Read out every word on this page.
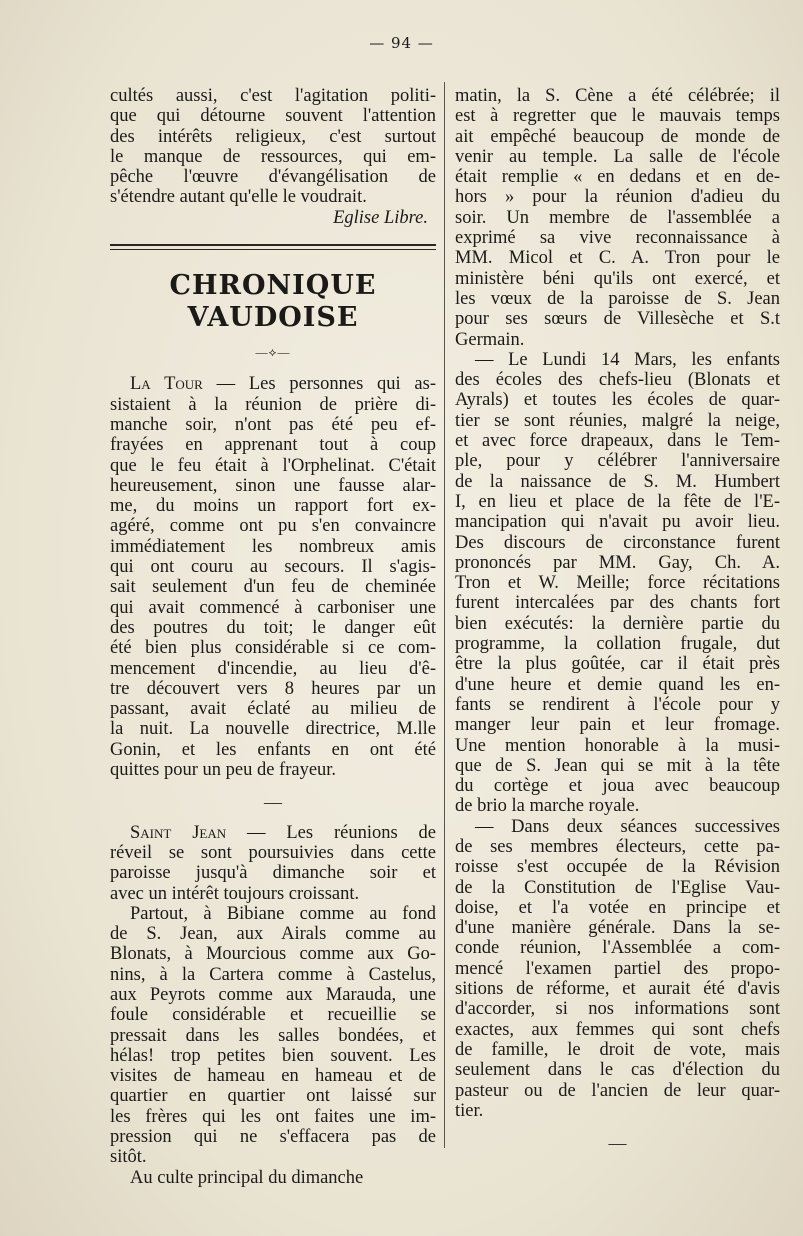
— 94 —
cultés aussi, c'est l'agitation politi-
que qui détourne souvent l'attention
des intérêts religieux, c'est surtout
le manque de ressources, qui em-
pêche l'œuvre d'évangélisation de
s'étendre autant qu'elle le voudrait.
Eglise Libre.
CHRONIQUE VAUDOISE
—⟡—
La Tour — Les personnes qui as-
sistaient à la réunion de prière di-
manche soir, n'ont pas été peu ef-
frayées en apprenant tout à coup
que le feu était à l'Orphelinat. C'était
heureusement, sinon une fausse alar-
me, du moins un rapport fort ex-
agéré, comme ont pu s'en convaincre
immédiatement les nombreux amis
qui ont couru au secours. Il s'agis-
sait seulement d'un feu de cheminée
qui avait commencé à carboniser une
des poutres du toit; le danger eût
été bien plus considérable si ce com-
mencement d'incendie, au lieu d'ê-
tre découvert vers 8 heures par un
passant, avait éclaté au milieu de
la nuit. La nouvelle directrice, M.lle
Gonin, et les enfants en ont été
quittes pour un peu de frayeur.
—
Saint Jean — Les réunions de
réveil se sont poursuivies dans cette
paroisse jusqu'à dimanche soir et
avec un intérêt toujours croissant.
Partout, à Bibiane comme au fond
de S. Jean, aux Airals comme au
Blonats, à Mourcious comme aux Go-
nins, à la Cartera comme à Castelus,
aux Peyrots comme aux Marauda, une
foule considérable et recueillie se
pressait dans les salles bondées, et
hélas! trop petites bien souvent. Les
visites de hameau en hameau et de
quartier en quartier ont laissé sur
les frères qui les ont faites une im-
pression qui ne s'effacera pas de
sitôt.
Au culte principal du dimanche
matin, la S. Cène a été célébrée; il
est à regretter que le mauvais temps
ait empêché beaucoup de monde de
venir au temple. La salle de l'école
était remplie « en dedans et en de-
hors » pour la réunion d'adieu du
soir. Un membre de l'assemblée a
exprimé sa vive reconnaissance à
MM. Micol et C. A. Tron pour le
ministère béni qu'ils ont exercé, et
les vœux de la paroisse de S. Jean
pour ses sœurs de Villesèche et S.t
Germain.
— Le Lundi 14 Mars, les enfants
des écoles des chefs-lieu (Blonats et
Ayrals) et toutes les écoles de quar-
tier se sont réunies, malgré la neige,
et avec force drapeaux, dans le Tem-
ple, pour y célébrer l'anniversaire
de la naissance de S. M. Humbert
I, en lieu et place de la fête de l'E-
mancipation qui n'avait pu avoir lieu.
Des discours de circonstance furent
prononcés par MM. Gay, Ch. A.
Tron et W. Meille; force récitations
furent intercalées par des chants fort
bien exécutés: la dernière partie du
programme, la collation frugale, dut
être la plus goûtée, car il était près
d'une heure et demie quand les en-
fants se rendirent à l'école pour y
manger leur pain et leur fromage.
Une mention honorable à la musi-
que de S. Jean qui se mit à la tête
du cortège et joua avec beaucoup
de brio la marche royale.
— Dans deux séances successives
de ses membres électeurs, cette pa-
roisse s'est occupée de la Révision
de la Constitution de l'Eglise Vau-
doise, et l'a votée en principe et
d'une manière générale. Dans la se-
conde réunion, l'Assemblée a com-
mencé l'examen partiel des propo-
sitions de réforme, et aurait été d'avis
d'accorder, si nos informations sont
exactes, aux femmes qui sont chefs
de famille, le droit de vote, mais
seulement dans le cas d'élection du
pasteur ou de l'ancien de leur quar-
tier.
—
